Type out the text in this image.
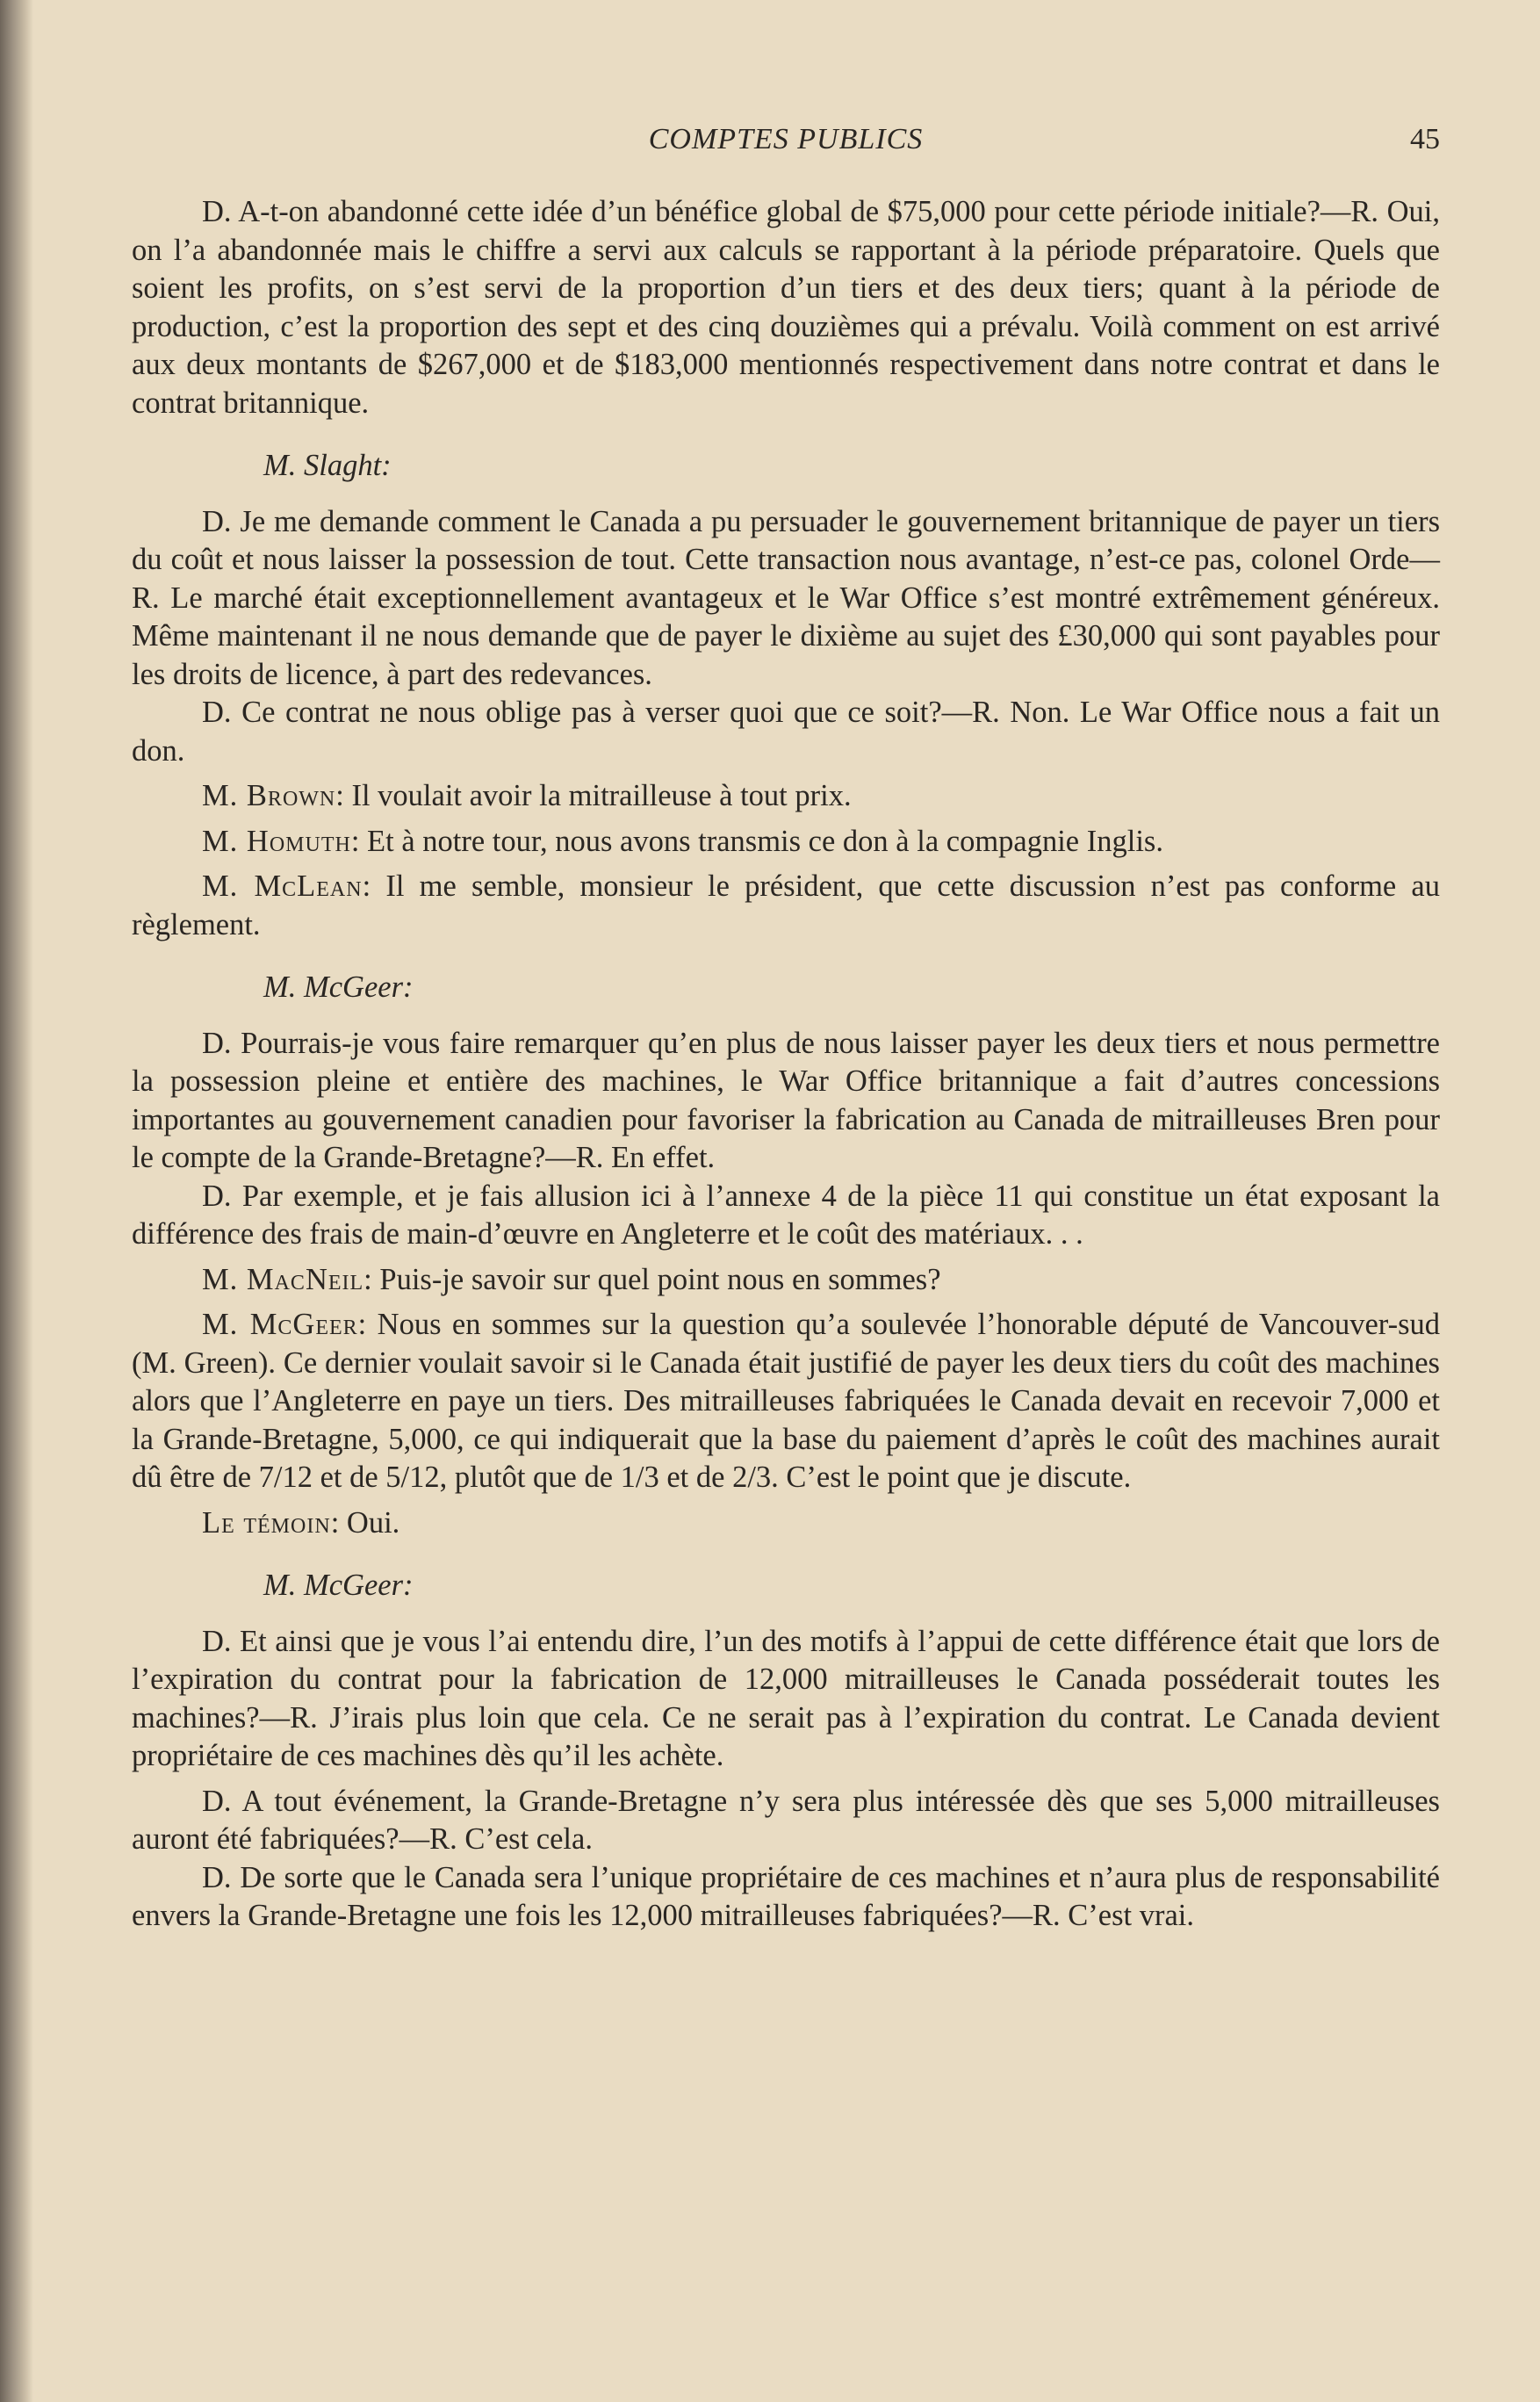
COMPTES PUBLICS	45

D. A-t-on abandonné cette idée d’un bénéfice global de $75,000 pour cette période initiale?—R. Oui, on l’a abandonnée mais le chiffre a servi aux calculs se rapportant à la période préparatoire. Quels que soient les profits, on s’est servi de la proportion d’un tiers et des deux tiers; quant à la période de production, c’est la proportion des sept et des cinq douzièmes qui a prévalu. Voilà comment on est arrivé aux deux montants de $267,000 et de $183,000 mentionnés respectivement dans notre contrat et dans le contrat britannique.

M. Slaght:

D. Je me demande comment le Canada a pu persuader le gouvernement britannique de payer un tiers du coût et nous laisser la possession de tout. Cette transaction nous avantage, n’est-ce pas, colonel Orde—R. Le marché était exceptionnellement avantageux et le War Office s’est montré extrêmement généreux. Même maintenant il ne nous demande que de payer le dixième au sujet des £30,000 qui sont payables pour les droits de licence, à part des redevances.

D. Ce contrat ne nous oblige pas à verser quoi que ce soit?—R. Non. Le War Office nous a fait un don.

M. Brown: Il voulait avoir la mitrailleuse à tout prix.

M. Homuth: Et à notre tour, nous avons transmis ce don à la compagnie Inglis.

M. McLean: Il me semble, monsieur le président, que cette discussion n’est pas conforme au règlement.

M. McGeer:

D. Pourrais-je vous faire remarquer qu’en plus de nous laisser payer les deux tiers et nous permettre la possession pleine et entière des machines, le War Office britannique a fait d’autres concessions importantes au gouvernement canadien pour favoriser la fabrication au Canada de mitrailleuses Bren pour le compte de la Grande-Bretagne?—R. En effet.

D. Par exemple, et je fais allusion ici à l’annexe 4 de la pièce 11 qui constitue un état exposant la différence des frais de main-d’œuvre en Angleterre et le coût des matériaux. . .

M. MacNeil: Puis-je savoir sur quel point nous en sommes?

M. McGeer: Nous en sommes sur la question qu’a soulevée l’honorable député de Vancouver-sud (M. Green). Ce dernier voulait savoir si le Canada était justifié de payer les deux tiers du coût des machines alors que l’Angleterre en paye un tiers. Des mitrailleuses fabriquées le Canada devait en recevoir 7,000 et la Grande-Bretagne, 5,000, ce qui indiquerait que la base du paiement d’après le coût des machines aurait dû être de 7/12 et de 5/12, plutôt que de 1/3 et de 2/3. C’est le point que je discute.

Le témoin: Oui.

M. McGeer:

D. Et ainsi que je vous l’ai entendu dire, l’un des motifs à l’appui de cette différence était que lors de l’expiration du contrat pour la fabrication de 12,000 mitrailleuses le Canada posséderait toutes les machines?—R. J’irais plus loin que cela. Ce ne serait pas à l’expiration du contrat. Le Canada devient propriétaire de ces machines dès qu’il les achète.

D. A tout événement, la Grande-Bretagne n’y sera plus intéressée dès que ses 5,000 mitrailleuses auront été fabriquées?—R. C’est cela.

D. De sorte que le Canada sera l’unique propriétaire de ces machines et n’aura plus de responsabilité envers la Grande-Bretagne une fois les 12,000 mitrailleuses fabriquées?—R. C’est vrai.
